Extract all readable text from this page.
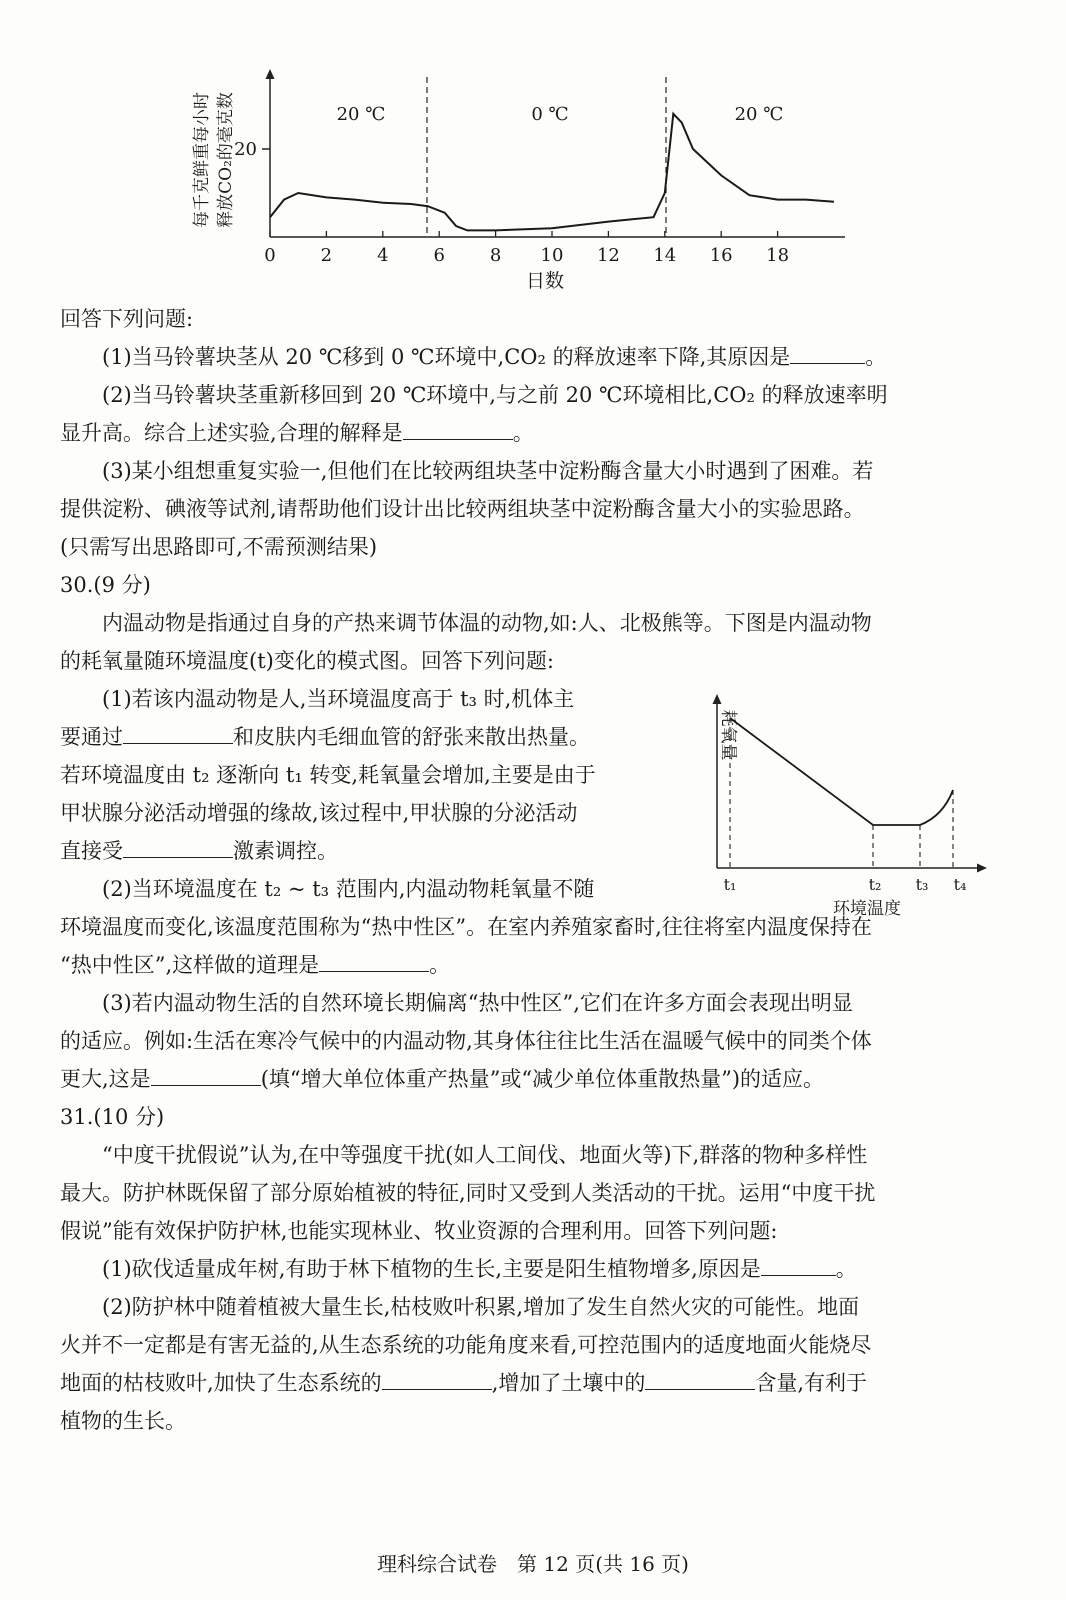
每千克鲜重每小时 释放CO₂的毫克数
20
0 2 4 6 8 10 12 14 16 18
20 ℃	0 ℃	20 ℃
日数
耗氧量
t₁	t₂ t₃ t₄
环境温度

回答下列问题:

(1)当马铃薯块茎从 20 ℃移到 0 ℃环境中,CO₂ 的释放速率下降,其原因是	。

(2)当马铃薯块茎重新移回到 20 ℃环境中,与之前 20 ℃环境相比,CO₂ 的释放速率明

显升高。综合上述实验,合理的解释是	。

(3)某小组想重复实验一,但他们在比较两组块茎中淀粉酶含量大小时遇到了困难。若

提供淀粉、碘液等试剂,请帮助他们设计出比较两组块茎中淀粉酶含量大小的实验思路。

(只需写出思路即可,不需预测结果)

30.(9 分)

内温动物是指通过自身的产热来调节体温的动物,如:人、北极熊等。下图是内温动物

的耗氧量随环境温度(t)变化的模式图。回答下列问题:

(1)若该内温动物是人,当环境温度高于 t₃ 时,机体主

要通过	和皮肤内毛细血管的舒张来散出热量。

若环境温度由 t₂ 逐渐向 t₁ 转变,耗氧量会增加,主要是由于

甲状腺分泌活动增强的缘故,该过程中,甲状腺的分泌活动

直接受	激素调控。

(2)当环境温度在 t₂ ~ t₃ 范围内,内温动物耗氧量不随

环境温度而变化,该温度范围称为“热中性区”。在室内养殖家畜时,往往将室内温度保持在

“热中性区”,这样做的道理是	。

(3)若内温动物生活的自然环境长期偏离“热中性区”,它们在许多方面会表现出明显

的适应。例如:生活在寒冷气候中的内温动物,其身体往往比生活在温暖气候中的同类个体

更大,这是	(填“增大单位体重产热量”或“减少单位体重散热量”)的适应。

31.(10 分)

“中度干扰假说”认为,在中等强度干扰(如人工间伐、地面火等)下,群落的物种多样性

最大。防护林既保留了部分原始植被的特征,同时又受到人类活动的干扰。运用“中度干扰

假说”能有效保护防护林,也能实现林业、牧业资源的合理利用。回答下列问题:

(1)砍伐适量成年树,有助于林下植物的生长,主要是阳生植物增多,原因是	。

(2)防护林中随着植被大量生长,枯枝败叶积累,增加了发生自然火灾的可能性。地面

火并不一定都是有害无益的,从生态系统的功能角度来看,可控范围内的适度地面火能烧尽

地面的枯枝败叶,加快了生态系统的	,增加了土壤中的	含量,有利于

植物的生长。

理科综合试卷　第 12 页(共 16 页)
